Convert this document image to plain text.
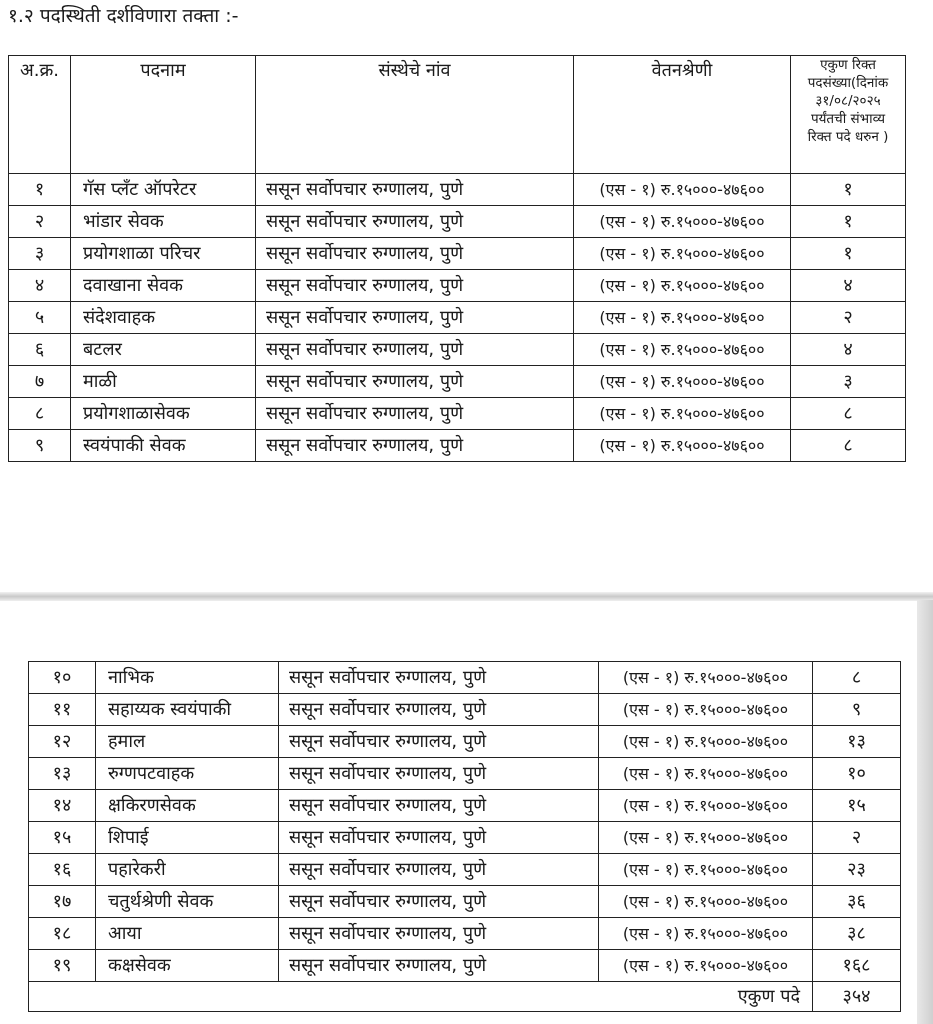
१.२ पदस्थिती दर्शविणारा तक्ता :-
अ.क्र.	पदनाम	संस्थेचे नांव	वेतनश्रेणी	एकुण रिक्त
पदसंख्या(दिनांक
३१/०८/२०२५
पर्यंतची संभाव्य
रिक्त पदे धरुन )

१	गॅस प्लँट ऑपरेटर	ससून सर्वोपचार रुग्णालय, पुणे	(एस - १) रु.१५०००-४७६००	१
२	भांडार सेवक	ससून सर्वोपचार रुग्णालय, पुणे	(एस - १) रु.१५०००-४७६००	१
३	प्रयोगशाळा परिचर	ससून सर्वोपचार रुग्णालय, पुणे	(एस - १) रु.१५०००-४७६००	१
४	दवाखाना सेवक	ससून सर्वोपचार रुग्णालय, पुणे	(एस - १) रु.१५०००-४७६००	४
५	संदेशवाहक	ससून सर्वोपचार रुग्णालय, पुणे	(एस - १) रु.१५०००-४७६००	२
६	बटलर	ससून सर्वोपचार रुग्णालय, पुणे	(एस - १) रु.१५०००-४७६००	४
७	माळी	ससून सर्वोपचार रुग्णालय, पुणे	(एस - १) रु.१५०००-४७६००	३
८	प्रयोगशाळासेवक	ससून सर्वोपचार रुग्णालय, पुणे	(एस - १) रु.१५०००-४७६००	८
९	स्वयंपाकी सेवक	ससून सर्वोपचार रुग्णालय, पुणे	(एस - १) रु.१५०००-४७६००	८
१०	नाभिक	ससून सर्वोपचार रुग्णालय, पुणे	(एस - १) रु.१५०००-४७६००	८
११	सहाय्यक स्वयंपाकी	ससून सर्वोपचार रुग्णालय, पुणे	(एस - १) रु.१५०००-४७६००	९
१२	हमाल	ससून सर्वोपचार रुग्णालय, पुणे	(एस - १) रु.१५०००-४७६००	१३
१३	रुग्णपटवाहक	ससून सर्वोपचार रुग्णालय, पुणे	(एस - १) रु.१५०००-४७६००	१०
१४	क्षकिरणसेवक	ससून सर्वोपचार रुग्णालय, पुणे	(एस - १) रु.१५०००-४७६००	१५
१५	शिपाई	ससून सर्वोपचार रुग्णालय, पुणे	(एस - १) रु.१५०००-४७६००	२
१६	पहारेकरी	ससून सर्वोपचार रुग्णालय, पुणे	(एस - १) रु.१५०००-४७६००	२३
१७	चतुर्थश्रेणी सेवक	ससून सर्वोपचार रुग्णालय, पुणे	(एस - १) रु.१५०००-४७६००	३६
१८	आया	ससून सर्वोपचार रुग्णालय, पुणे	(एस - १) रु.१५०००-४७६००	३८
१९	कक्षसेवक	ससून सर्वोपचार रुग्णालय, पुणे	(एस - १) रु.१५०००-४७६००	१६८
एकुण पदे				३५४
